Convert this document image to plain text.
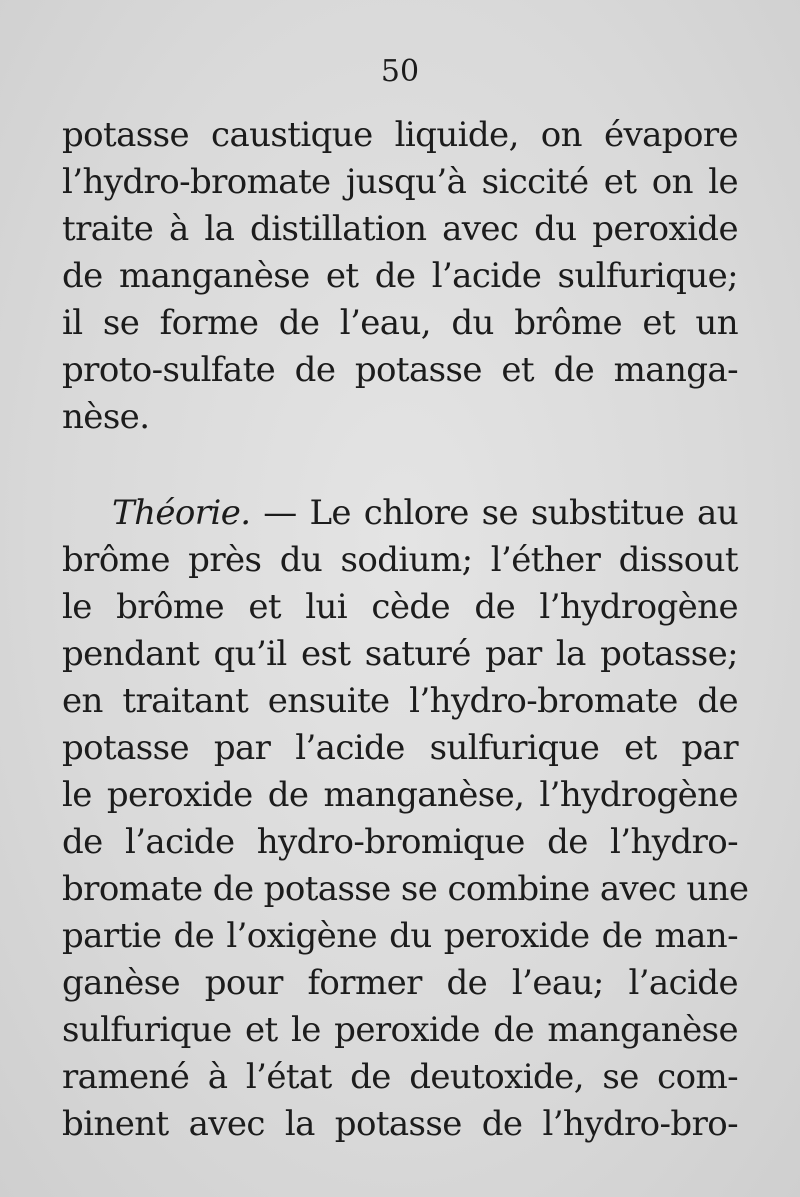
50
potasse caustique liquide, on évapore
l’hydro-bromate jusqu’à siccité et on le
traite à la distillation avec du peroxide
de manganèse et de l’acide sulfurique;
il se forme de l’eau, du brôme et un
proto-sulfate de potasse et de manga-
nèse.
Théorie. — Le chlore se substitue au
brôme près du sodium; l’éther dissout
le brôme et lui cède de l’hydrogène
pendant qu’il est saturé par la potasse;
en traitant ensuite l’hydro-bromate de
potasse par l’acide sulfurique et par
le peroxide de manganèse, l’hydrogène
de l’acide hydro-bromique de l’hydro-
bromate de potasse se combine avec une
partie de l’oxigène du peroxide de man-
ganèse pour former de l’eau; l’acide
sulfurique et le peroxide de manganèse
ramené à l’état de deutoxide, se com-
binent avec la potasse de l’hydro-bro-
